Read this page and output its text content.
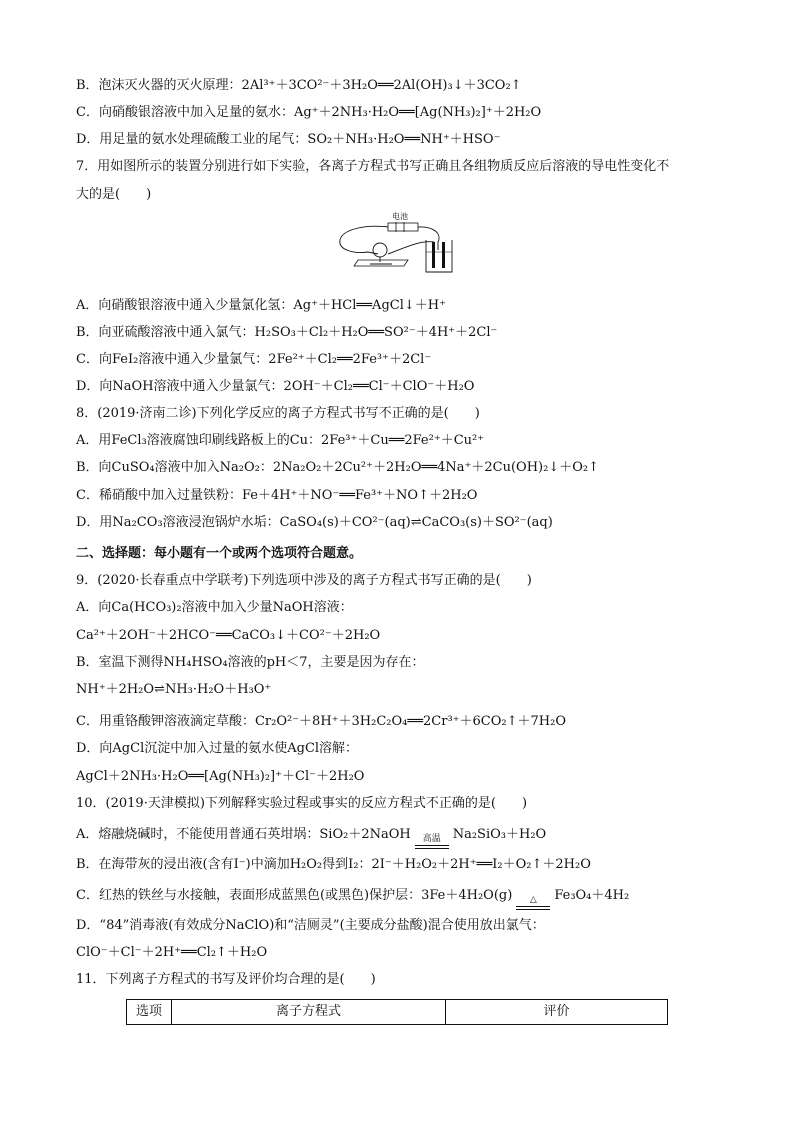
B．泡沫灭火器的灭火原理：2Al³⁺＋3CO²⁻＋3H₂O══2Al(OH)₃↓＋3CO₂↑
C．向硝酸银溶液中加入足量的氨水：Ag⁺＋2NH₃·H₂O══[Ag(NH₃)₂]⁺＋2H₂O
D．用足量的氨水处理硫酸工业的尾气：SO₂＋NH₃·H₂O══NH⁺＋HSO⁻
7．用如图所示的装置分别进行如下实验，各离子方程式书写正确且各组物质反应后溶液的导电性变化不
大的是(　　)
电池
A．向硝酸银溶液中通入少量氯化氢：Ag⁺＋HCl══AgCl↓＋H⁺
B．向亚硫酸溶液中通入氯气：H₂SO₃＋Cl₂＋H₂O══SO²⁻＋4H⁺＋2Cl⁻
C．向FeI₂溶液中通入少量氯气：2Fe²⁺＋Cl₂══2Fe³⁺＋2Cl⁻
D．向NaOH溶液中通入少量氯气：2OH⁻＋Cl₂══Cl⁻＋ClO⁻＋H₂O
8．(2019·济南二诊)下列化学反应的离子方程式书写不正确的是(　　)
A．用FeCl₃溶液腐蚀印刷线路板上的Cu：2Fe³⁺＋Cu══2Fe²⁺＋Cu²⁺
B．向CuSO₄溶液中加入Na₂O₂：2Na₂O₂＋2Cu²⁺＋2H₂O══4Na⁺＋2Cu(OH)₂↓＋O₂↑
C．稀硝酸中加入过量铁粉：Fe＋4H⁺＋NO⁻══Fe³⁺＋NO↑＋2H₂O
D．用Na₂CO₃溶液浸泡锅炉水垢：CaSO₄(s)＋CO²⁻(aq)⇌CaCO₃(s)＋SO²⁻(aq)
二、选择题：每小题有一个或两个选项符合题意。
9．(2020·长春重点中学联考)下列选项中涉及的离子方程式书写正确的是(　　)
A．向Ca(HCO₃)₂溶液中加入少量NaOH溶液：
Ca²⁺＋2OH⁻＋2HCO⁻══CaCO₃↓＋CO²⁻＋2H₂O
B．室温下测得NH₄HSO₄溶液的pH＜7，主要是因为存在：
NH⁺＋2H₂O⇌NH₃·H₂O＋H₃O⁺
C．用重铬酸钾溶液滴定草酸：Cr₂O²⁻＋8H⁺＋3H₂C₂O₄══2Cr³⁺＋6CO₂↑＋7H₂O
D．向AgCl沉淀中加入过量的氨水使AgCl溶解：
AgCl＋2NH₃·H₂O══[Ag(NH₃)₂]⁺＋Cl⁻＋2H₂O
10．(2019·天津模拟)下列解释实验过程或事实的反应方程式不正确的是(　　)
A．熔融烧碱时，不能使用普通石英坩埚：SiO₂＋2NaOH	高温 Na₂SiO₃＋H₂O
B．在海带灰的浸出液(含有I⁻)中滴加H₂O₂得到I₂：2I⁻＋H₂O₂＋2H⁺══I₂＋O₂↑＋2H₂O
C．红热的铁丝与水接触，表面形成蓝黑色(或黑色)保护层：3Fe＋4H₂O(g)	△	Fe₃O₄＋4H₂
D．“84”消毒液(有效成分NaClO)和“洁厕灵”(主要成分盐酸)混合使用放出氯气：
ClO⁻＋Cl⁻＋2H⁺══Cl₂↑＋H₂O
11．下列离子方程式的书写及评价均合理的是(　　)
选项	离子方程式	评价
